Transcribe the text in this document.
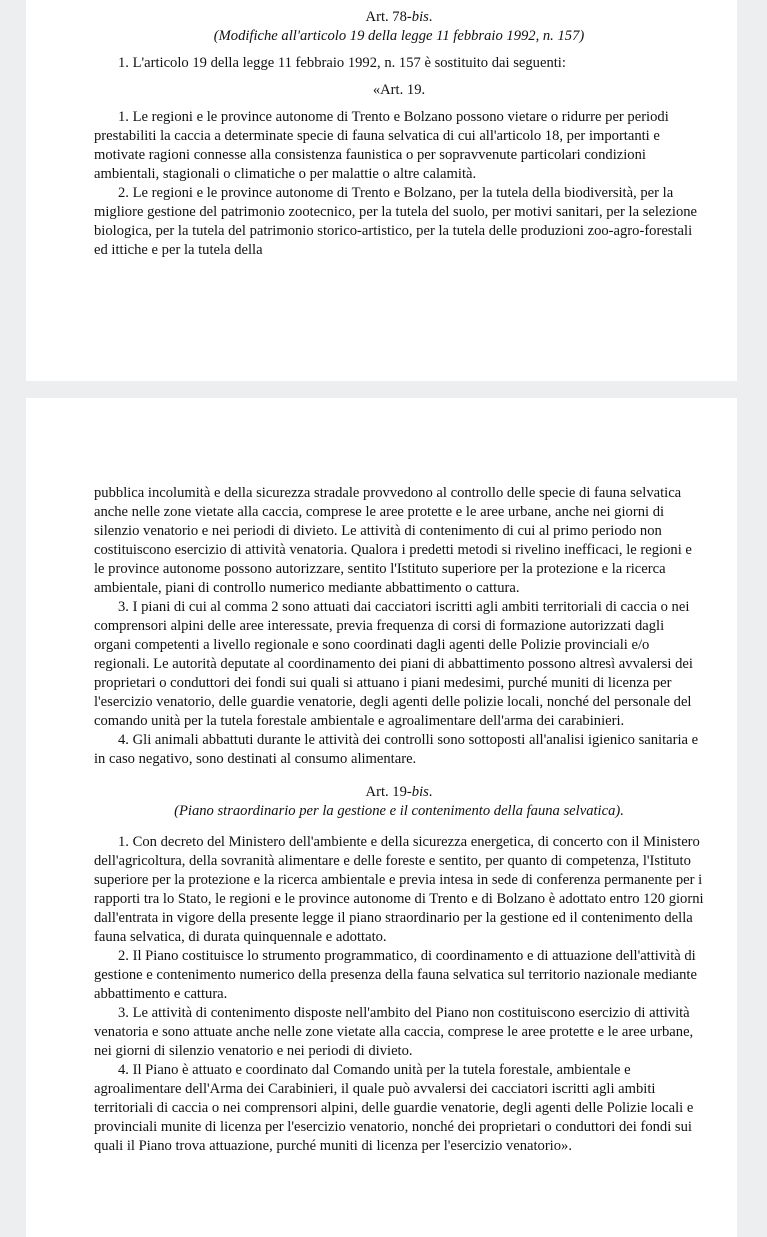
Art. 78-bis.
(Modifiche all'articolo 19 della legge 11 febbraio 1992, n. 157)

1. L'articolo 19 della legge 11 febbraio 1992, n. 157 è sostituito dai seguenti:

«Art. 19.

1. Le regioni e le province autonome di Trento e Bolzano possono vietare o ridurre per periodi prestabiliti la caccia a determinate specie di fauna selvatica di cui all'articolo 18, per importanti e motivate ragioni connesse alla consistenza faunistica o per sopravvenute particolari condizioni ambientali, stagionali o climatiche o per malattie o altre calamità.

2. Le regioni e le province autonome di Trento e Bolzano, per la tutela della biodiversità, per la migliore gestione del patrimonio zootecnico, per la tutela del suolo, per motivi sanitari, per la selezione biologica, per la tutela del patrimonio storico-artistico, per la tutela delle produzioni zoo-agro-forestali ed ittiche e per la tutela della

pubblica incolumità e della sicurezza stradale provvedono al controllo delle specie di fauna selvatica anche nelle zone vietate alla caccia, comprese le aree protette e le aree urbane, anche nei giorni di silenzio venatorio e nei periodi di divieto. Le attività di contenimento di cui al primo periodo non costituiscono esercizio di attività venatoria. Qualora i predetti metodi si rivelino inefficaci, le regioni e le province autonome possono autorizzare, sentito l'Istituto superiore per la protezione e la ricerca ambientale, piani di controllo numerico mediante abbattimento o cattura.

3. I piani di cui al comma 2 sono attuati dai cacciatori iscritti agli ambiti territoriali di caccia o nei comprensori alpini delle aree interessate, previa frequenza di corsi di formazione autorizzati dagli organi competenti a livello regionale e sono coordinati dagli agenti delle Polizie provinciali e/o regionali. Le autorità deputate al coordinamento dei piani di abbattimento possono altresì avvalersi dei proprietari o conduttori dei fondi sui quali si attuano i piani medesimi, purché muniti di licenza per l'esercizio venatorio, delle guardie venatorie, degli agenti delle polizie locali, nonché del personale del comando unità per la tutela forestale ambientale e agroalimentare dell'arma dei carabinieri.

4. Gli animali abbattuti durante le attività dei controlli sono sottoposti all'analisi igienico sanitaria e in caso negativo, sono destinati al consumo alimentare.

Art. 19-bis.
(Piano straordinario per la gestione e il contenimento della fauna selvatica).

1. Con decreto del Ministero dell'ambiente e della sicurezza energetica, di concerto con il Ministero dell'agricoltura, della sovranità alimentare e delle foreste e sentito, per quanto di competenza, l'Istituto superiore per la protezione e la ricerca ambientale e previa intesa in sede di conferenza permanente per i rapporti tra lo Stato, le regioni e le province autonome di Trento e di Bolzano è adottato entro 120 giorni dall'entrata in vigore della presente legge il piano straordinario per la gestione ed il contenimento della fauna selvatica, di durata quinquennale e adottato.

2. Il Piano costituisce lo strumento programmatico, di coordinamento e di attuazione dell'attività di gestione e contenimento numerico della presenza della fauna selvatica sul territorio nazionale mediante abbattimento e cattura.

3. Le attività di contenimento disposte nell'ambito del Piano non costituiscono esercizio di attività venatoria e sono attuate anche nelle zone vietate alla caccia, comprese le aree protette e le aree urbane, nei giorni di silenzio venatorio e nei periodi di divieto.

4. Il Piano è attuato e coordinato dal Comando unità per la tutela forestale, ambientale e agroalimentare dell'Arma dei Carabinieri, il quale può avvalersi dei cacciatori iscritti agli ambiti territoriali di caccia o nei comprensori alpini, delle guardie venatorie, degli agenti delle Polizie locali e provinciali munite di licenza per l'esercizio venatorio, nonché dei proprietari o conduttori dei fondi sui quali il Piano trova attuazione, purché muniti di licenza per l'esercizio venatorio».
